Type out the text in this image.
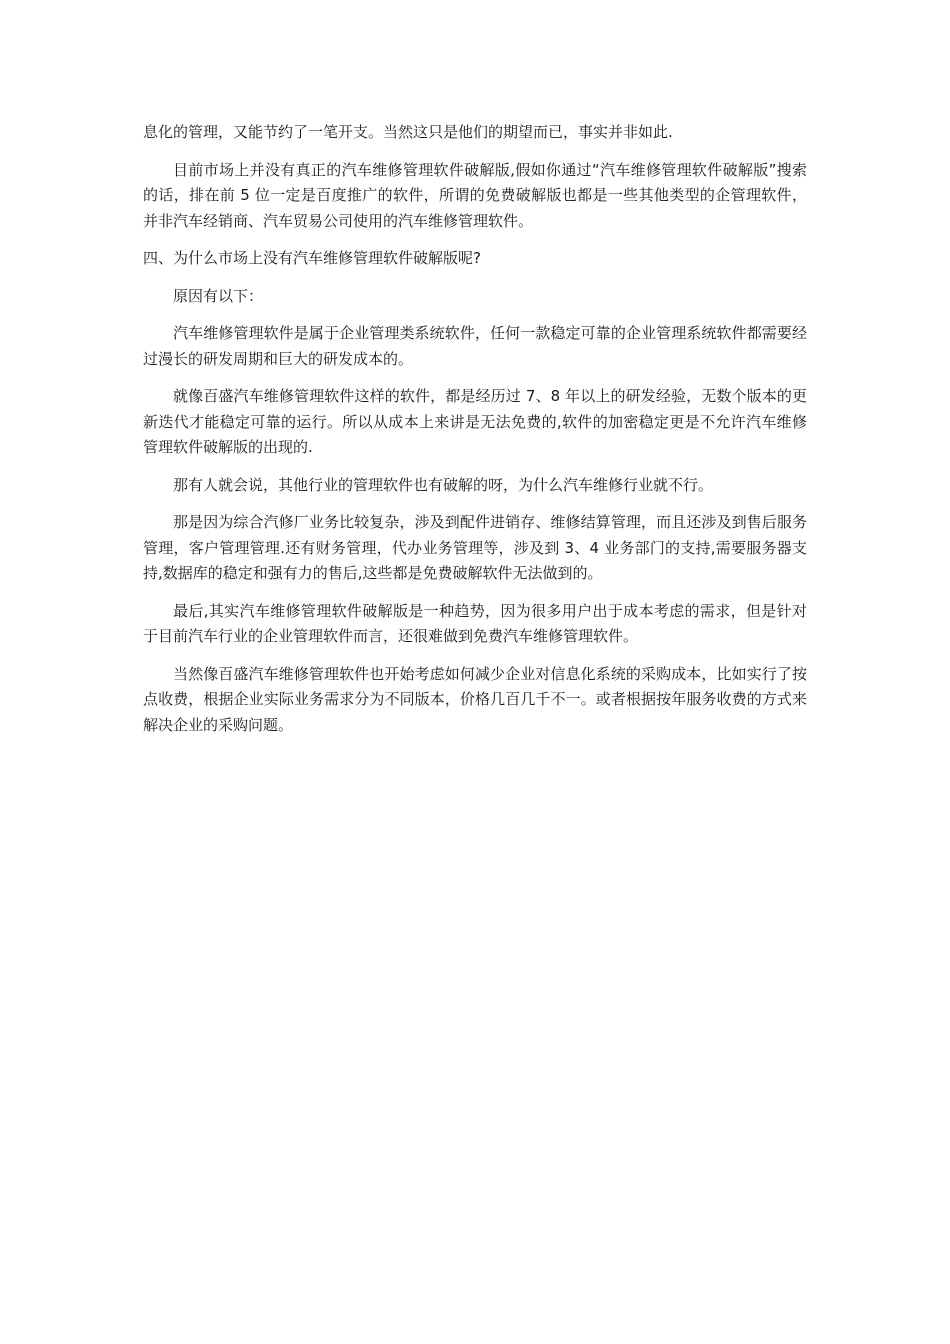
息化的管理，又能节约了一笔开支。当然这只是他们的期望而已，事实并非如此.

目前市场上并没有真正的汽车维修管理软件破解版,假如你通过“汽车维修管理软件破解版”搜索的话，排在前 5 位一定是百度推广的软件，所谓的免费破解版也都是一些其他类型的企管理软件，并非汽车经销商、汽车贸易公司使用的汽车维修管理软件。

四、为什么市场上没有汽车维修管理软件破解版呢?

原因有以下：

汽车维修管理软件是属于企业管理类系统软件，任何一款稳定可靠的企业管理系统软件都需要经过漫长的研发周期和巨大的研发成本的。

就像百盛汽车维修管理软件这样的软件，都是经历过 7、8 年以上的研发经验，无数个版本的更新迭代才能稳定可靠的运行。所以从成本上来讲是无法免费的,软件的加密稳定更是不允许汽车维修管理软件破解版的出现的.

那有人就会说，其他行业的管理软件也有破解的呀，为什么汽车维修行业就不行。

那是因为综合汽修厂业务比较复杂，涉及到配件进销存、维修结算管理，而且还涉及到售后服务管理，客户管理管理.还有财务管理，代办业务管理等，涉及到 3、4 业务部门的支持,需要服务器支持,数据库的稳定和强有力的售后,这些都是免费破解软件无法做到的。

最后,其实汽车维修管理软件破解版是一种趋势，因为很多用户出于成本考虑的需求，但是针对于目前汽车行业的企业管理软件而言，还很难做到免费汽车维修管理软件。

当然像百盛汽车维修管理软件也开始考虑如何减少企业对信息化系统的采购成本，比如实行了按点收费，根据企业实际业务需求分为不同版本，价格几百几千不一。或者根据按年服务收费的方式来解决企业的采购问题。
